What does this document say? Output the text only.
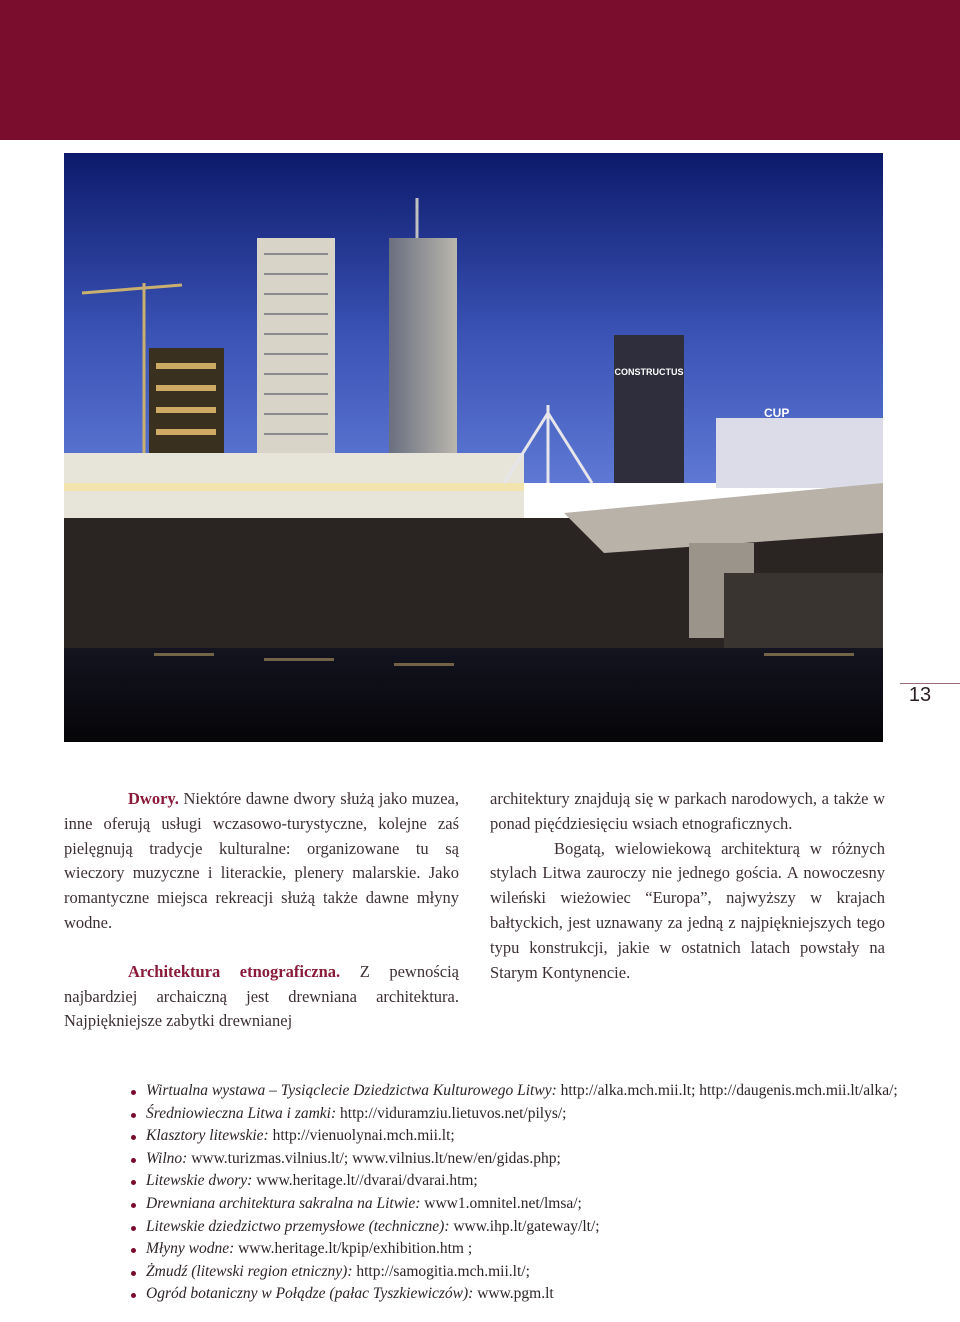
CONSTRUCTUS
CUP
13

Dwory. Niektóre dawne dwory służą jako muzea, inne oferują usługi wczasowo-turystyczne, kolejne zaś pielęgnują tradycje kulturalne: organizowane tu są wieczory muzyczne i literackie, plenery malarskie. Jako romantyczne miejsca rekreacji służą także dawne młyny wodne.

Architektura etnograficzna. Z pewnością najbardziej archaiczną jest drewniana architektura. Najpiękniejsze zabytki drewnianej

architektury znajdują się w parkach narodowych, a także w ponad pięćdziesięciu wsiach etnograficznych.

Bogatą, wielowiekową architekturą w różnych stylach Litwa zauroczy nie jednego gościa. A nowoczesny wileński wieżowiec “Europa”, najwyższy w krajach bałtyckich, jest uznawany za jedną z najpiękniejszych tego typu konstrukcji, jakie w ostatnich latach powstały na Starym Kontynencie.

Wirtualna wystawa – Tysiąclecie Dziedzictwa Kulturowego Litwy: http://alka.mch.mii.lt; http://daugenis.mch.mii.lt/alka/;
Średniowieczna Litwa i zamki: http://viduramziu.lietuvos.net/pilys/;
Klasztory litewskie: http://vienuolynai.mch.mii.lt;
Wilno: www.turizmas.vilnius.lt/; www.vilnius.lt/new/en/gidas.php;
Litewskie dwory: www.heritage.lt//dvarai/dvarai.htm;
Drewniana architektura sakralna na Litwie: www1.omnitel.net/lmsa/;
Litewskie dziedzictwo przemysłowe (techniczne): www.ihp.lt/gateway/lt/;
Młyny wodne: www.heritage.lt/kpip/exhibition.htm ;
Żmudź (litewski region etniczny): http://samogitia.mch.mii.lt/;
Ogród botaniczny w Połądze (pałac Tyszkiewiczów): www.pgm.lt
